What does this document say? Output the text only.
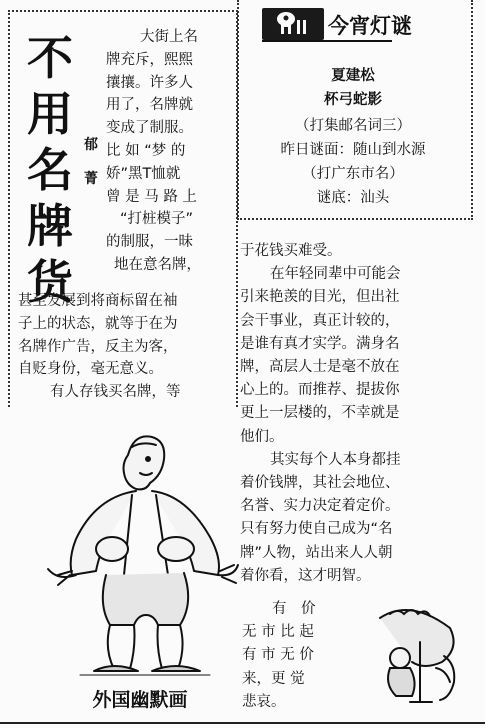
不
用
名
牌
货
郁
菁
大街上名
牌充斥，熙熙
攘攘。许多人
用了，名牌就
变成了制服。
比 如 “梦 的
娇”黑T恤就
曾 是 马 路 上
“打桩模子”
的制服，一昧
地在意名牌，
甚至发展到将商标留在袖
子上的状态，就等于在为
名牌作广告，反主为客，
自贬身份，毫无意义。
有人存钱买名牌，等
今宵灯谜
夏建松
杯弓蛇影
（打集邮名词三）
昨日谜面：随山到水源
（打广东市名）
谜底：汕头
于花钱买难受。
在年轻同辈中可能会
引来艳羡的目光，但出社
会干事业，真正计较的，
是谁有真才实学。满身名
牌，高层人士是毫不放在
心上的。而推荐、提拔你
更上一层楼的，不幸就是
他们。
其实每个人本身都挂
着价钱牌，其社会地位、
名誉、实力决定着定价。
只有努力使自己成为“名
牌”人物，站出来人人朝
着你看，这才明智。
有　价
无 市 比 起
有 市 无 价
来，更 觉
悲哀。
外国幽默画
